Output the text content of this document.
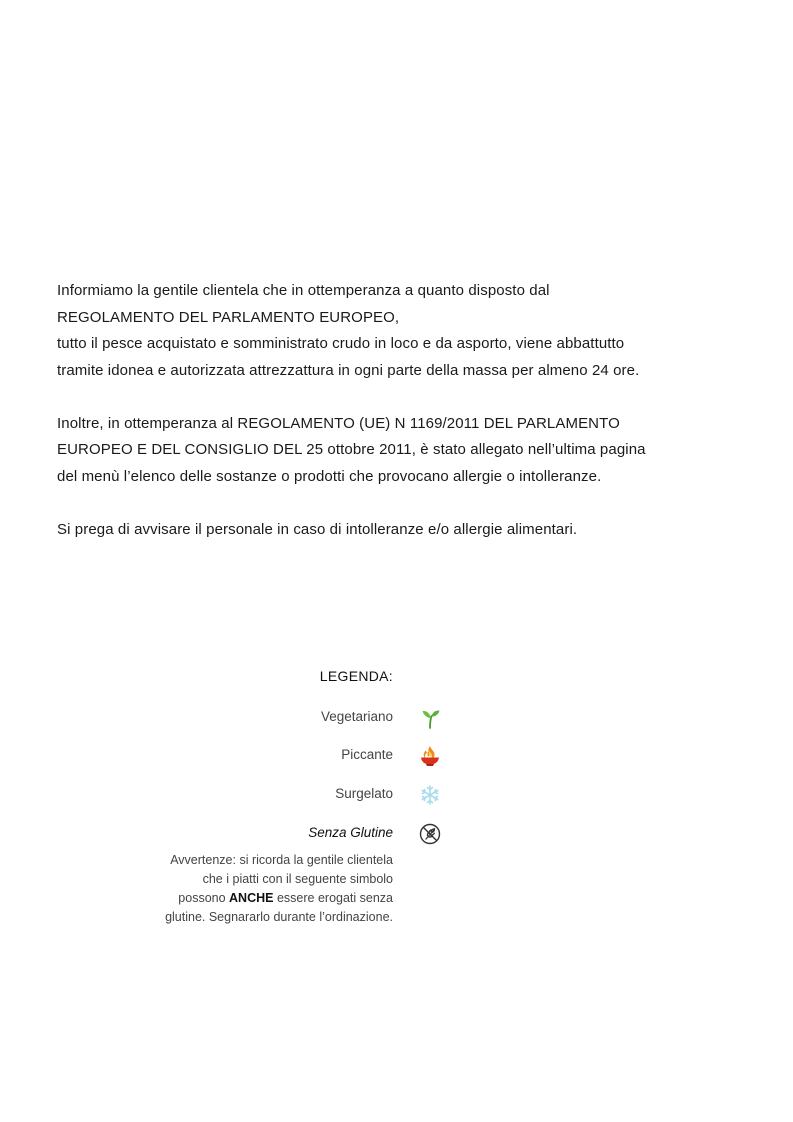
Informiamo la gentile clientela che in ottemperanza a quanto disposto dal
REGOLAMENTO DEL PARLAMENTO EUROPEO,
tutto il pesce acquistato e somministrato crudo in loco e da asporto, viene abbattutto
tramite idonea e autorizzata attrezzattura in ogni parte della massa per almeno 24 ore.

Inoltre, in ottemperanza al REGOLAMENTO (UE) N 1169/2011 DEL PARLAMENTO
EUROPEO E DEL CONSIGLIO DEL 25 ottobre 2011, è stato allegato nell’ultima pagina
del menù l’elenco delle sostanze o prodotti che provocano allergie o intolleranze.

Si prega di avvisare il personale in caso di intolleranze e/o allergie alimentari.

LEGENDA:
Vegetariano
Piccante
Surgelato
Senza Glutine
Avvertenze: si ricorda la gentile clientela
che i piatti con il seguente simbolo
possono ANCHE essere erogati senza
glutine. Segnararlo durante l’ordinazione.
